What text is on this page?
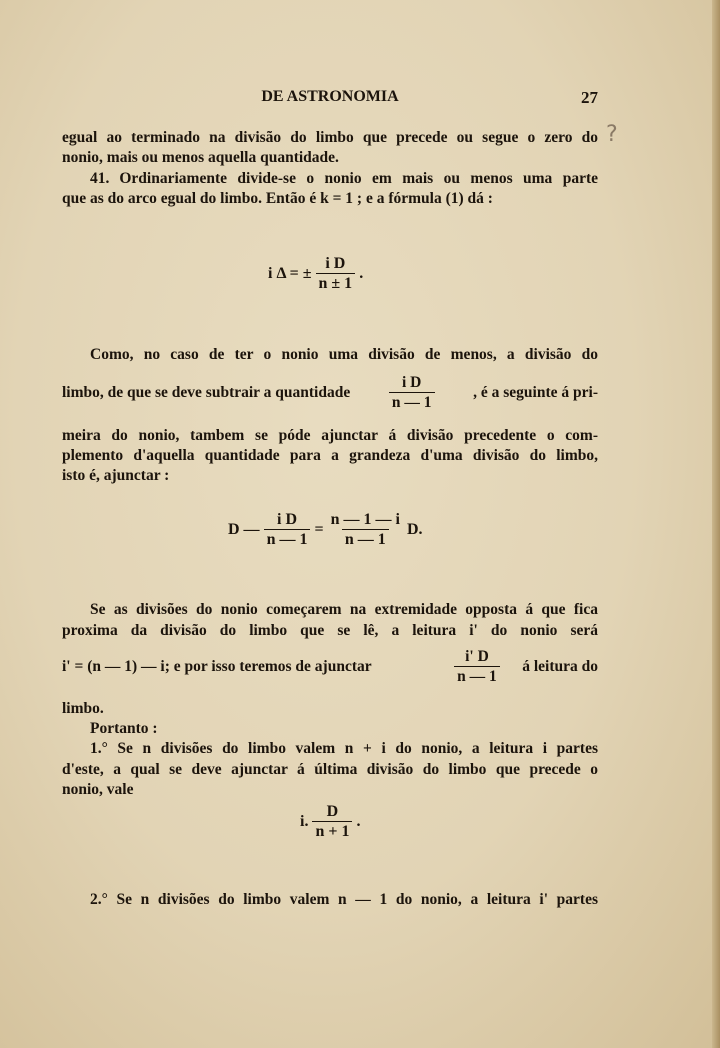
DE ASTRONOMIA	27
?
egual ao terminado na divisão do limbo que precede ou segue o zero do
nonio, mais ou menos aquella quantidade.
41. Ordinariamente divide-se o nonio em mais ou menos uma parte
que as do arco egual do limbo. Então é k = 1 ; e a fórmula (1) dá :
i Δ = ± $\frac{\text{i D}}{n \pm 1}$ .
Como, no caso de ter o nonio uma divisão de menos, a divisão do
limbo, de que se deve subtrair a quantidade $\frac{\text{i D}}{n — 1}$ , é a seguinte á pri-
meira do nonio, tambem se póde ajunctar á divisão precedente o com-
plemento d'aquella quantidade para a grandeza d'uma divisão do limbo,
isto é, ajunctar :
D — $\frac{\text{i D}}{n — 1} = \frac{n — 1 — i}{n — 1} D$.
Se as divisões do nonio começarem na extremidade opposta á que fica
proxima da divisão do limbo que se lê, a leitura i' do nonio será
i' = (n — 1) — i; e por isso teremos de ajunctar	$\frac{i' D}{n — 1}$ á leitura do
limbo.
Portanto :
1.° Se n divisões do limbo valem n + i do nonio, a leitura i partes
d'este, a qual se deve ajunctar á última divisão do limbo que precede o
nonio, vale
i. $\frac{D}{n + 1}$ .
2.° Se n divisões do limbo valem n — 1 do nonio, a leitura i' partes
